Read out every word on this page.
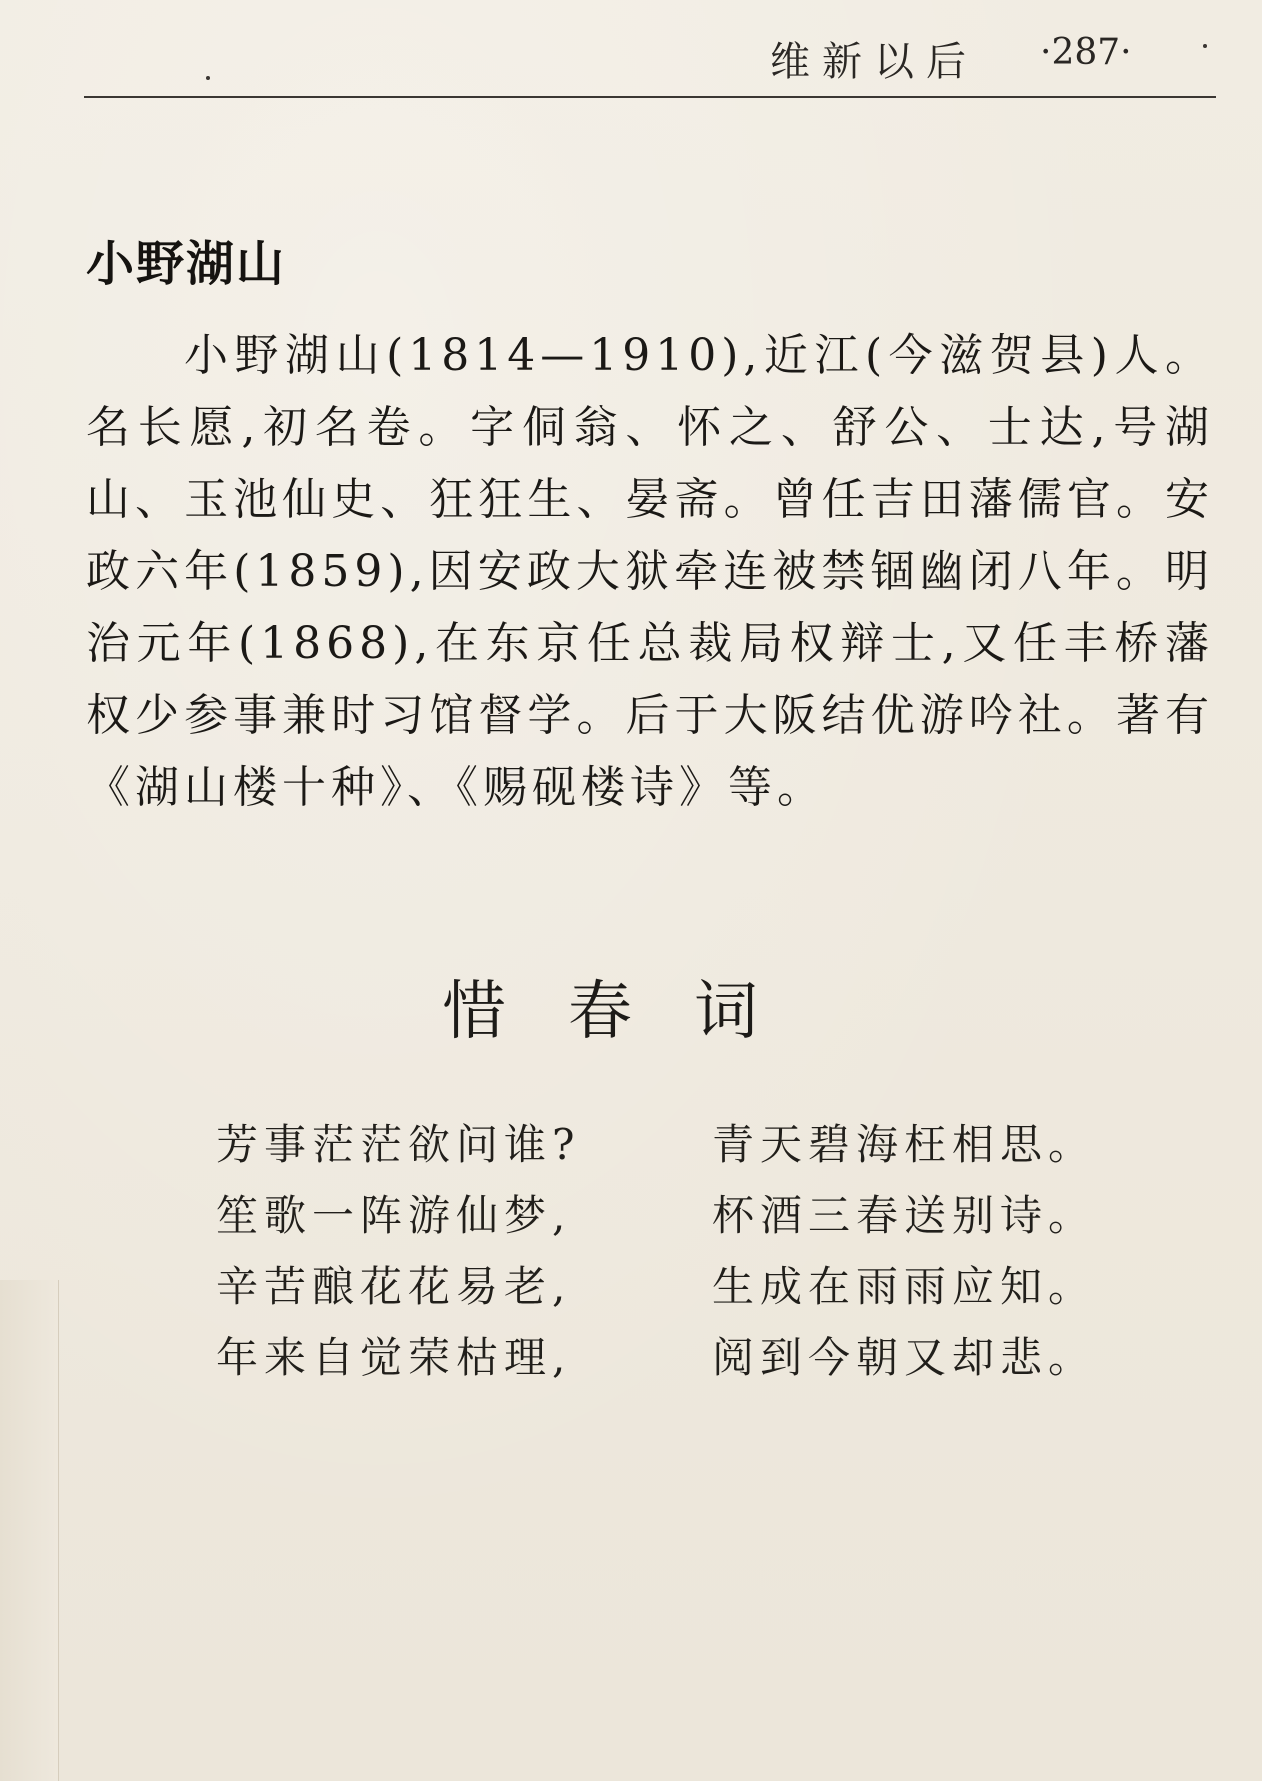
维新以后 ·287·
小野湖山
小野湖山(1814—1910),近江(今滋贺县)人。名长愿,初名卷。字侗翁、怀之、舒公、士达,号湖山、玉池仙史、狂狂生、晏斋。曾任吉田藩儒官。安政六年(1859),因安政大狱牵连被禁锢幽闭八年。明治元年(1868),在东京任总裁局权辩士,又任丰桥藩权少参事兼时习馆督学。后于大阪结优游吟社。著有《湖山楼十种》、《赐砚楼诗》等。
惜春词
芳事茫茫欲问谁?	青天碧海枉相思。
笙歌一阵游仙梦,	杯酒三春送别诗。
辛苦酿花花易老,	生成在雨雨应知。
年来自觉荣枯理,	阅到今朝又却悲。
